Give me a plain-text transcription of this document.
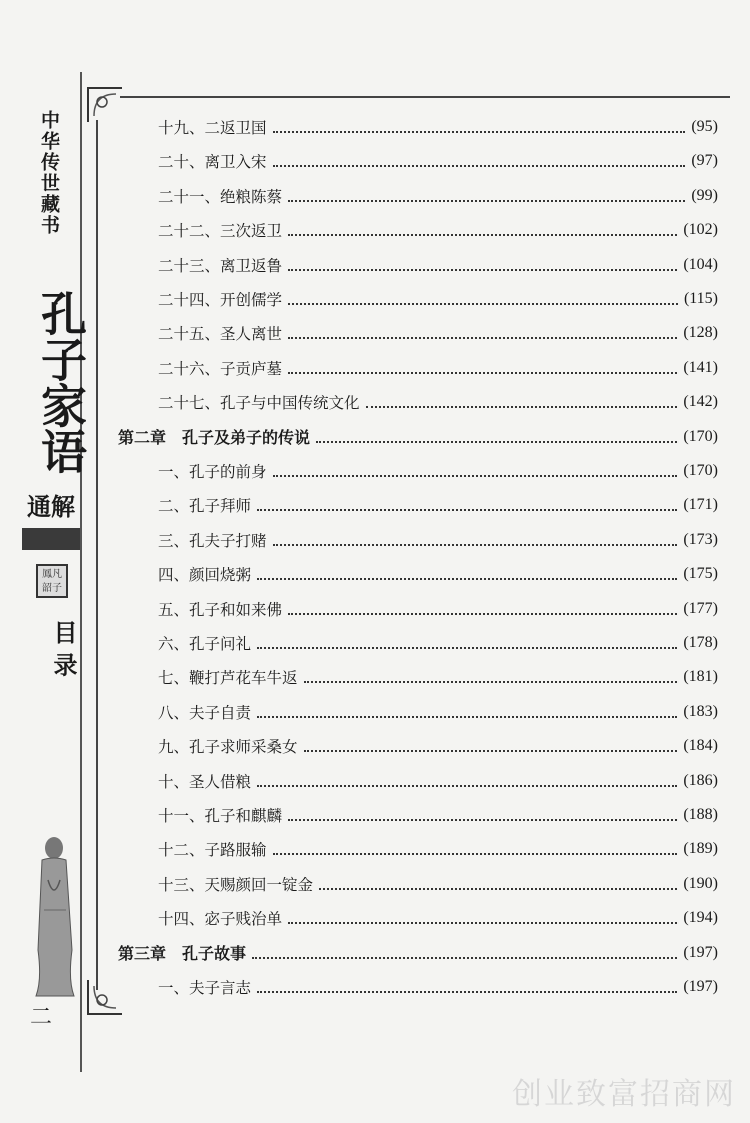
中华传世藏书
孔子家语
通解
鳳凡 韶子
目 录
二
十九、二返卫国	(95)
二十、离卫入宋	(97)
二十一、绝粮陈蔡	(99)
二十二、三次返卫	(102)
二十三、离卫返鲁	(104)
二十四、开创儒学	(115)
二十五、圣人离世	(128)
二十六、子贡庐墓	(141)
二十七、孔子与中国传统文化	(142)
第二章　孔子及弟子的传说	(170)
一、孔子的前身	(170)
二、孔子拜师	(171)
三、孔夫子打赌	(173)
四、颜回烧粥	(175)
五、孔子和如来佛	(177)
六、孔子问礼	(178)
七、鞭打芦花车牛返	(181)
八、夫子自责	(183)
九、孔子求师采桑女	(184)
十、圣人借粮	(186)
十一、孔子和麒麟	(188)
十二、子路服输	(189)
十三、天赐颜回一锭金	(190)
十四、宓子贱治单	(194)
第三章　孔子故事	(197)
一、夫子言志	(197)
创业致富招商网
